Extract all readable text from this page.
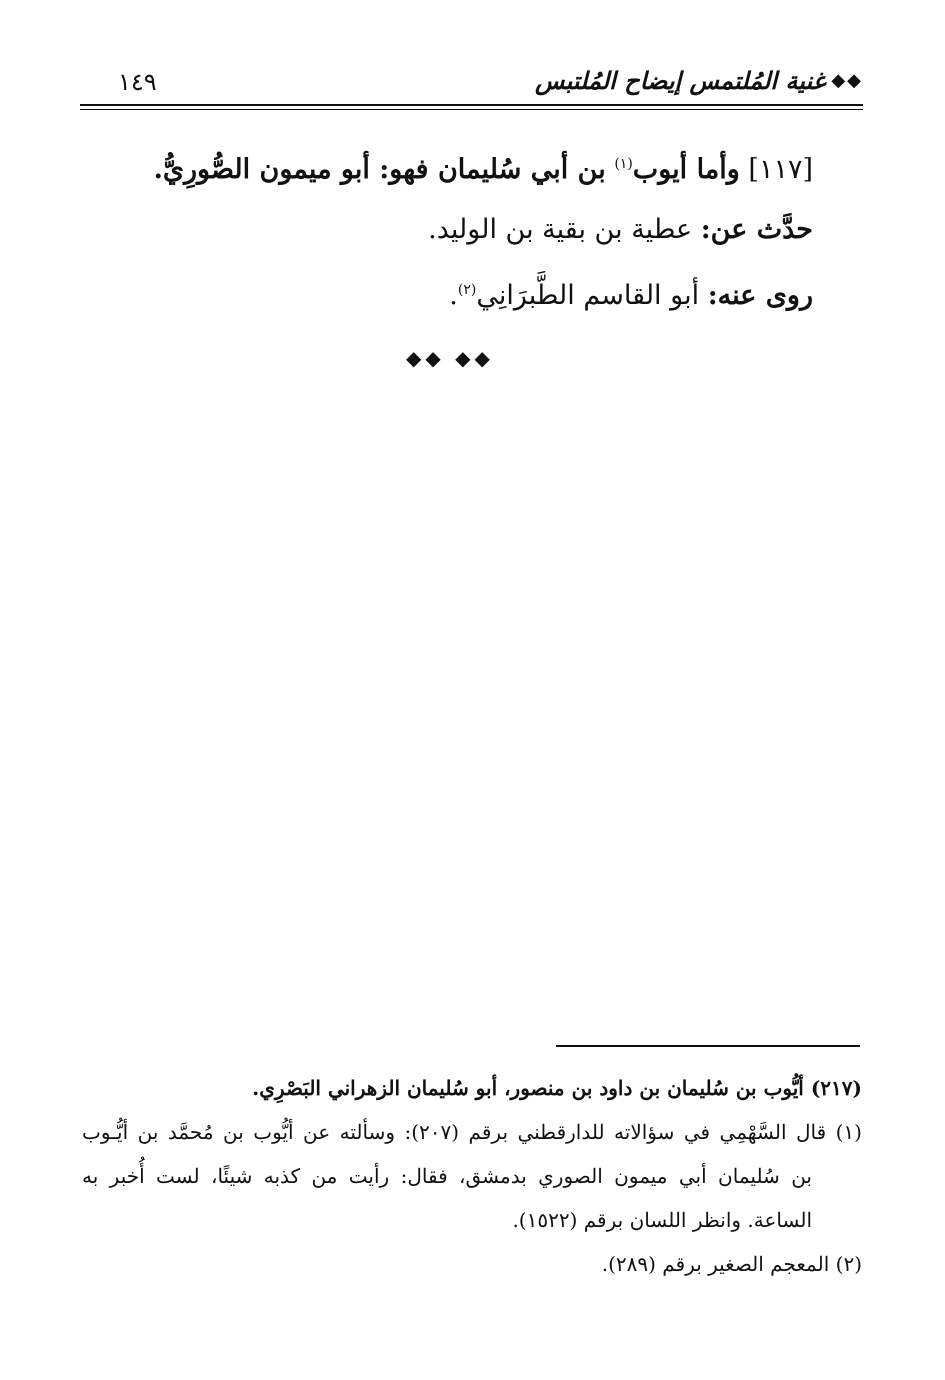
◆◆
غنية المُلتمس إيضاح المُلتبس
١٤٩
[١١٧] وأما أيوب$^{(١)}$ بن أبي سُليمان فهو: أبو ميمون الصُّورِيُّ.
حدَّث عن: عطية بن بقية بن الوليد.
روى عنه: أبو القاسم الطَّبرَانِي$^{(٢)}$.
◆◆ ◆◆
(٢١٧) أيُّوب بن سُليمان بن داود بن منصور، أبو سُليمان الزهراني البَصْرِي.
(١) قال السَّهْمِي في سؤالاته للدارقطني برقم (٢٠٧): وسألته عن أيُّوب بن مُحمَّد بن أيُّـوب
بن سُليمان أبي ميمون الصوري بدمشق، فقال: رأيت من كذبه شيئًا، لست أُخبر به
الساعة. وانظر اللسان برقم (١٥٢٢).
(٢) المعجم الصغير برقم (٢٨٩).
